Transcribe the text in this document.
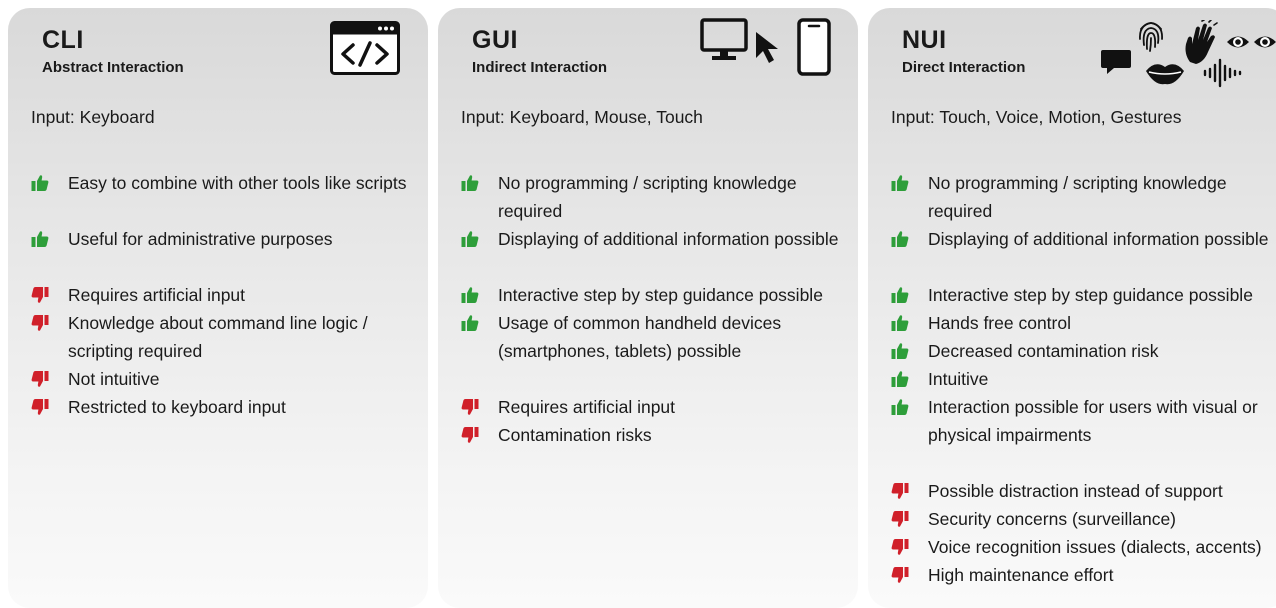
CLI
Abstract Interaction
Input: Keyboard
Easy to combine with other tools like scripts
Useful for administrative purposes
Requires artificial input
Knowledge about command line logic / scripting required
Not intuitive
Restricted to keyboard input
GUI
Indirect Interaction
Input: Keyboard, Mouse, Touch
No programming / scripting knowledge required
Displaying of additional information possible
Interactive step by step guidance possible
Usage of common handheld devices (smartphones, tablets) possible
Requires artificial input
Contamination risks
NUI
Direct Interaction
Input: Touch, Voice, Motion, Gestures
No programming / scripting knowledge required
Displaying of additional information possible
Interactive step by step guidance possible
Hands free control
Decreased contamination risk
Intuitive
Interaction possible for users with visual or physical impairments
Possible distraction instead of support
Security concerns (surveillance)
Voice recognition issues (dialects, accents)
High maintenance effort
